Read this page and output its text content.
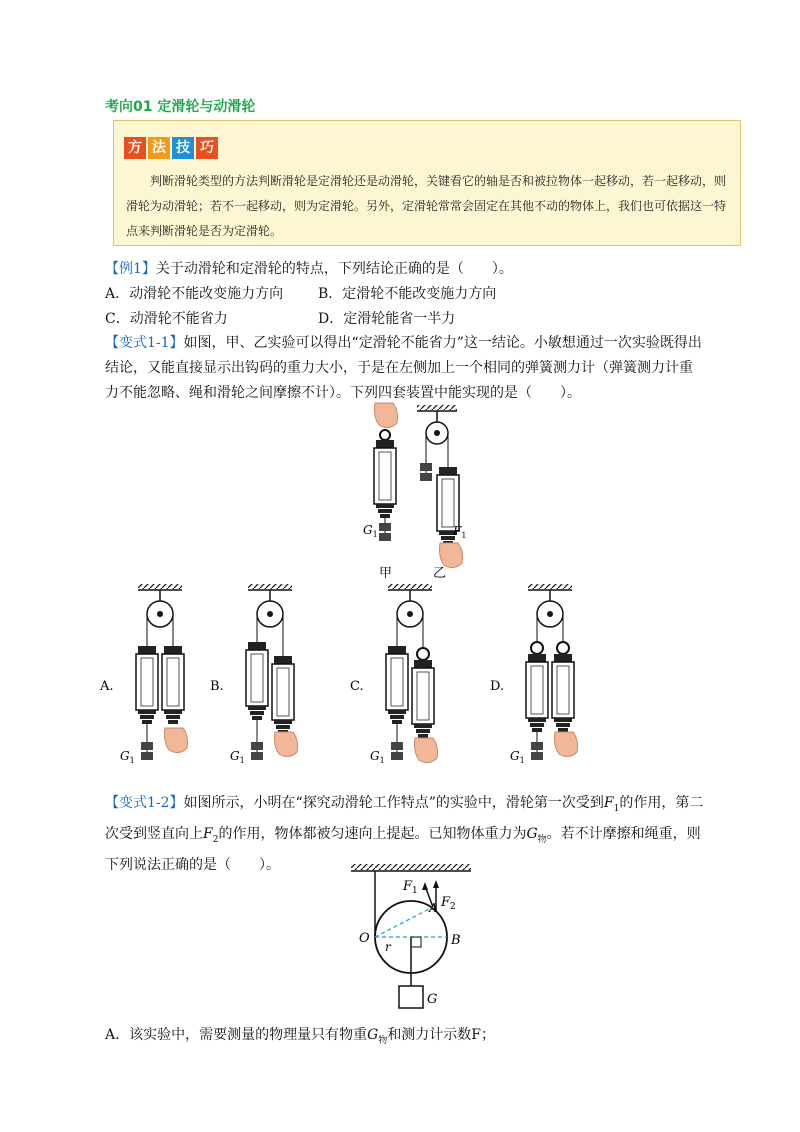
考向01 定滑轮与动滑轮
方 法 技 巧
判断滑轮类型的方法判断滑轮是定滑轮还是动滑轮，关键看它的轴是否和被拉物体一起移动，若一起移动，则滑轮为动滑轮；若不一起移动，则为定滑轮。另外，定滑轮常常会固定在其他不动的物体上，我们也可依据这一特点来判断滑轮是否为定滑轮。
【例1】关于动滑轮和定滑轮的特点，下列结论正确的是（　　）。
A．动滑轮不能改变施力方向 B．定滑轮不能改变施力方向
C．动滑轮不能省力	D．定滑轮能省一半力
【变式1-1】如图，甲、乙实验可以得出“定滑轮不能省力”这一结论。小敏想通过一次实验既得出结论，又能直接显示出钩码的重力大小，于是在左侧加上一个相同的弹簧测力计（弹簧测力计重力不能忽略、绳和滑轮之间摩擦不计）。下列四套装置中能实现的是（　　）。
$G_1$	$F_1$
甲	乙
A.
$G_1$
B.
$G_1$
C.
$G_1$
D.
$G_1$
【变式1-2】如图所示，小明在“探究动滑轮工作特点”的实验中，滑轮第一次受到$F_1$的作用，第二次受到竖直向上$F_2$的作用，物体都被匀速向上提起。已知物体重力为$G_物$。若不计摩擦和绳重，则下列说法正确的是（　　）。
$F_1$
A $F_2$
O
r	B
G
A．该实验中，需要测量的物理量只有物重$G_物$和测力计示数F；
